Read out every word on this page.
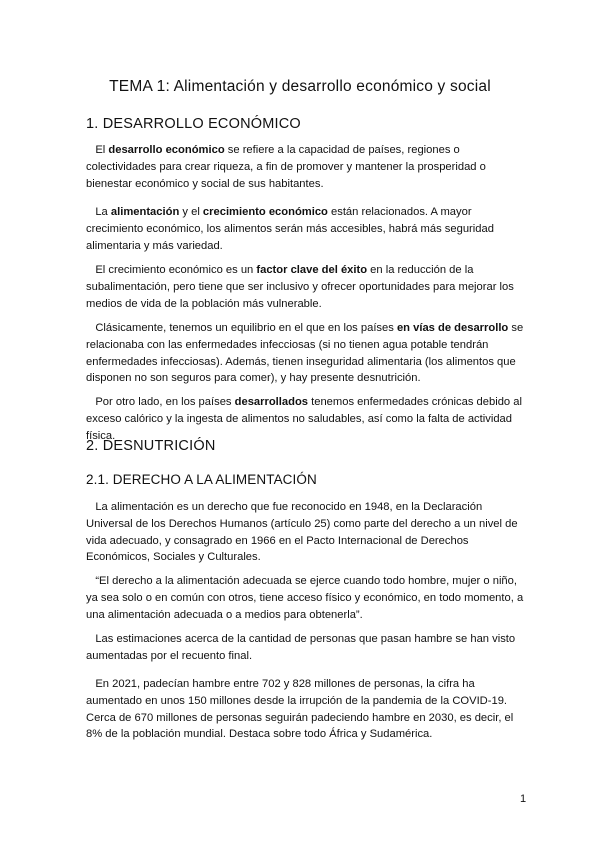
TEMA 1: Alimentación y desarrollo económico y social
1. DESARROLLO ECONÓMICO

El desarrollo económico se refiere a la capacidad de países, regiones o colectividades para crear riqueza, a fin de promover y mantener la prosperidad o bienestar económico y social de sus habitantes.

La alimentación y el crecimiento económico están relacionados. A mayor crecimiento económico, los alimentos serán más accesibles, habrá más seguridad alimentaria y más variedad.

El crecimiento económico es un factor clave del éxito en la reducción de la subalimentación, pero tiene que ser inclusivo y ofrecer oportunidades para mejorar los medios de vida de la población más vulnerable.

Clásicamente, tenemos un equilibrio en el que en los países en vías de desarrollo se relacionaba con las enfermedades infecciosas (si no tienen agua potable tendrán enfermedades infecciosas). Además, tienen inseguridad alimentaria (los alimentos que disponen no son seguros para comer), y hay presente desnutrición.

Por otro lado, en los países desarrollados tenemos enfermedades crónicas debido al exceso calórico y la ingesta de alimentos no saludables, así como la falta de actividad física.

2. DESNUTRICIÓN
2.1. DERECHO A LA ALIMENTACIÓN

La alimentación es un derecho que fue reconocido en 1948, en la Declaración Universal de los Derechos Humanos (artículo 25) como parte del derecho a un nivel de vida adecuado, y consagrado en 1966 en el Pacto Internacional de Derechos Económicos, Sociales y Culturales.

“El derecho a la alimentación adecuada se ejerce cuando todo hombre, mujer o niño, ya sea solo o en común con otros, tiene acceso físico y económico, en todo momento, a una alimentación adecuada o a medios para obtenerla”.

Las estimaciones acerca de la cantidad de personas que pasan hambre se han visto aumentadas por el recuento final.

En 2021, padecían hambre entre 702 y 828 millones de personas, la cifra ha aumentado en unos 150 millones desde la irrupción de la pandemia de la COVID-19. Cerca de 670 millones de personas seguirán padeciendo hambre en 2030, es decir, el 8% de la población mundial. Destaca sobre todo África y Sudamérica.

1
